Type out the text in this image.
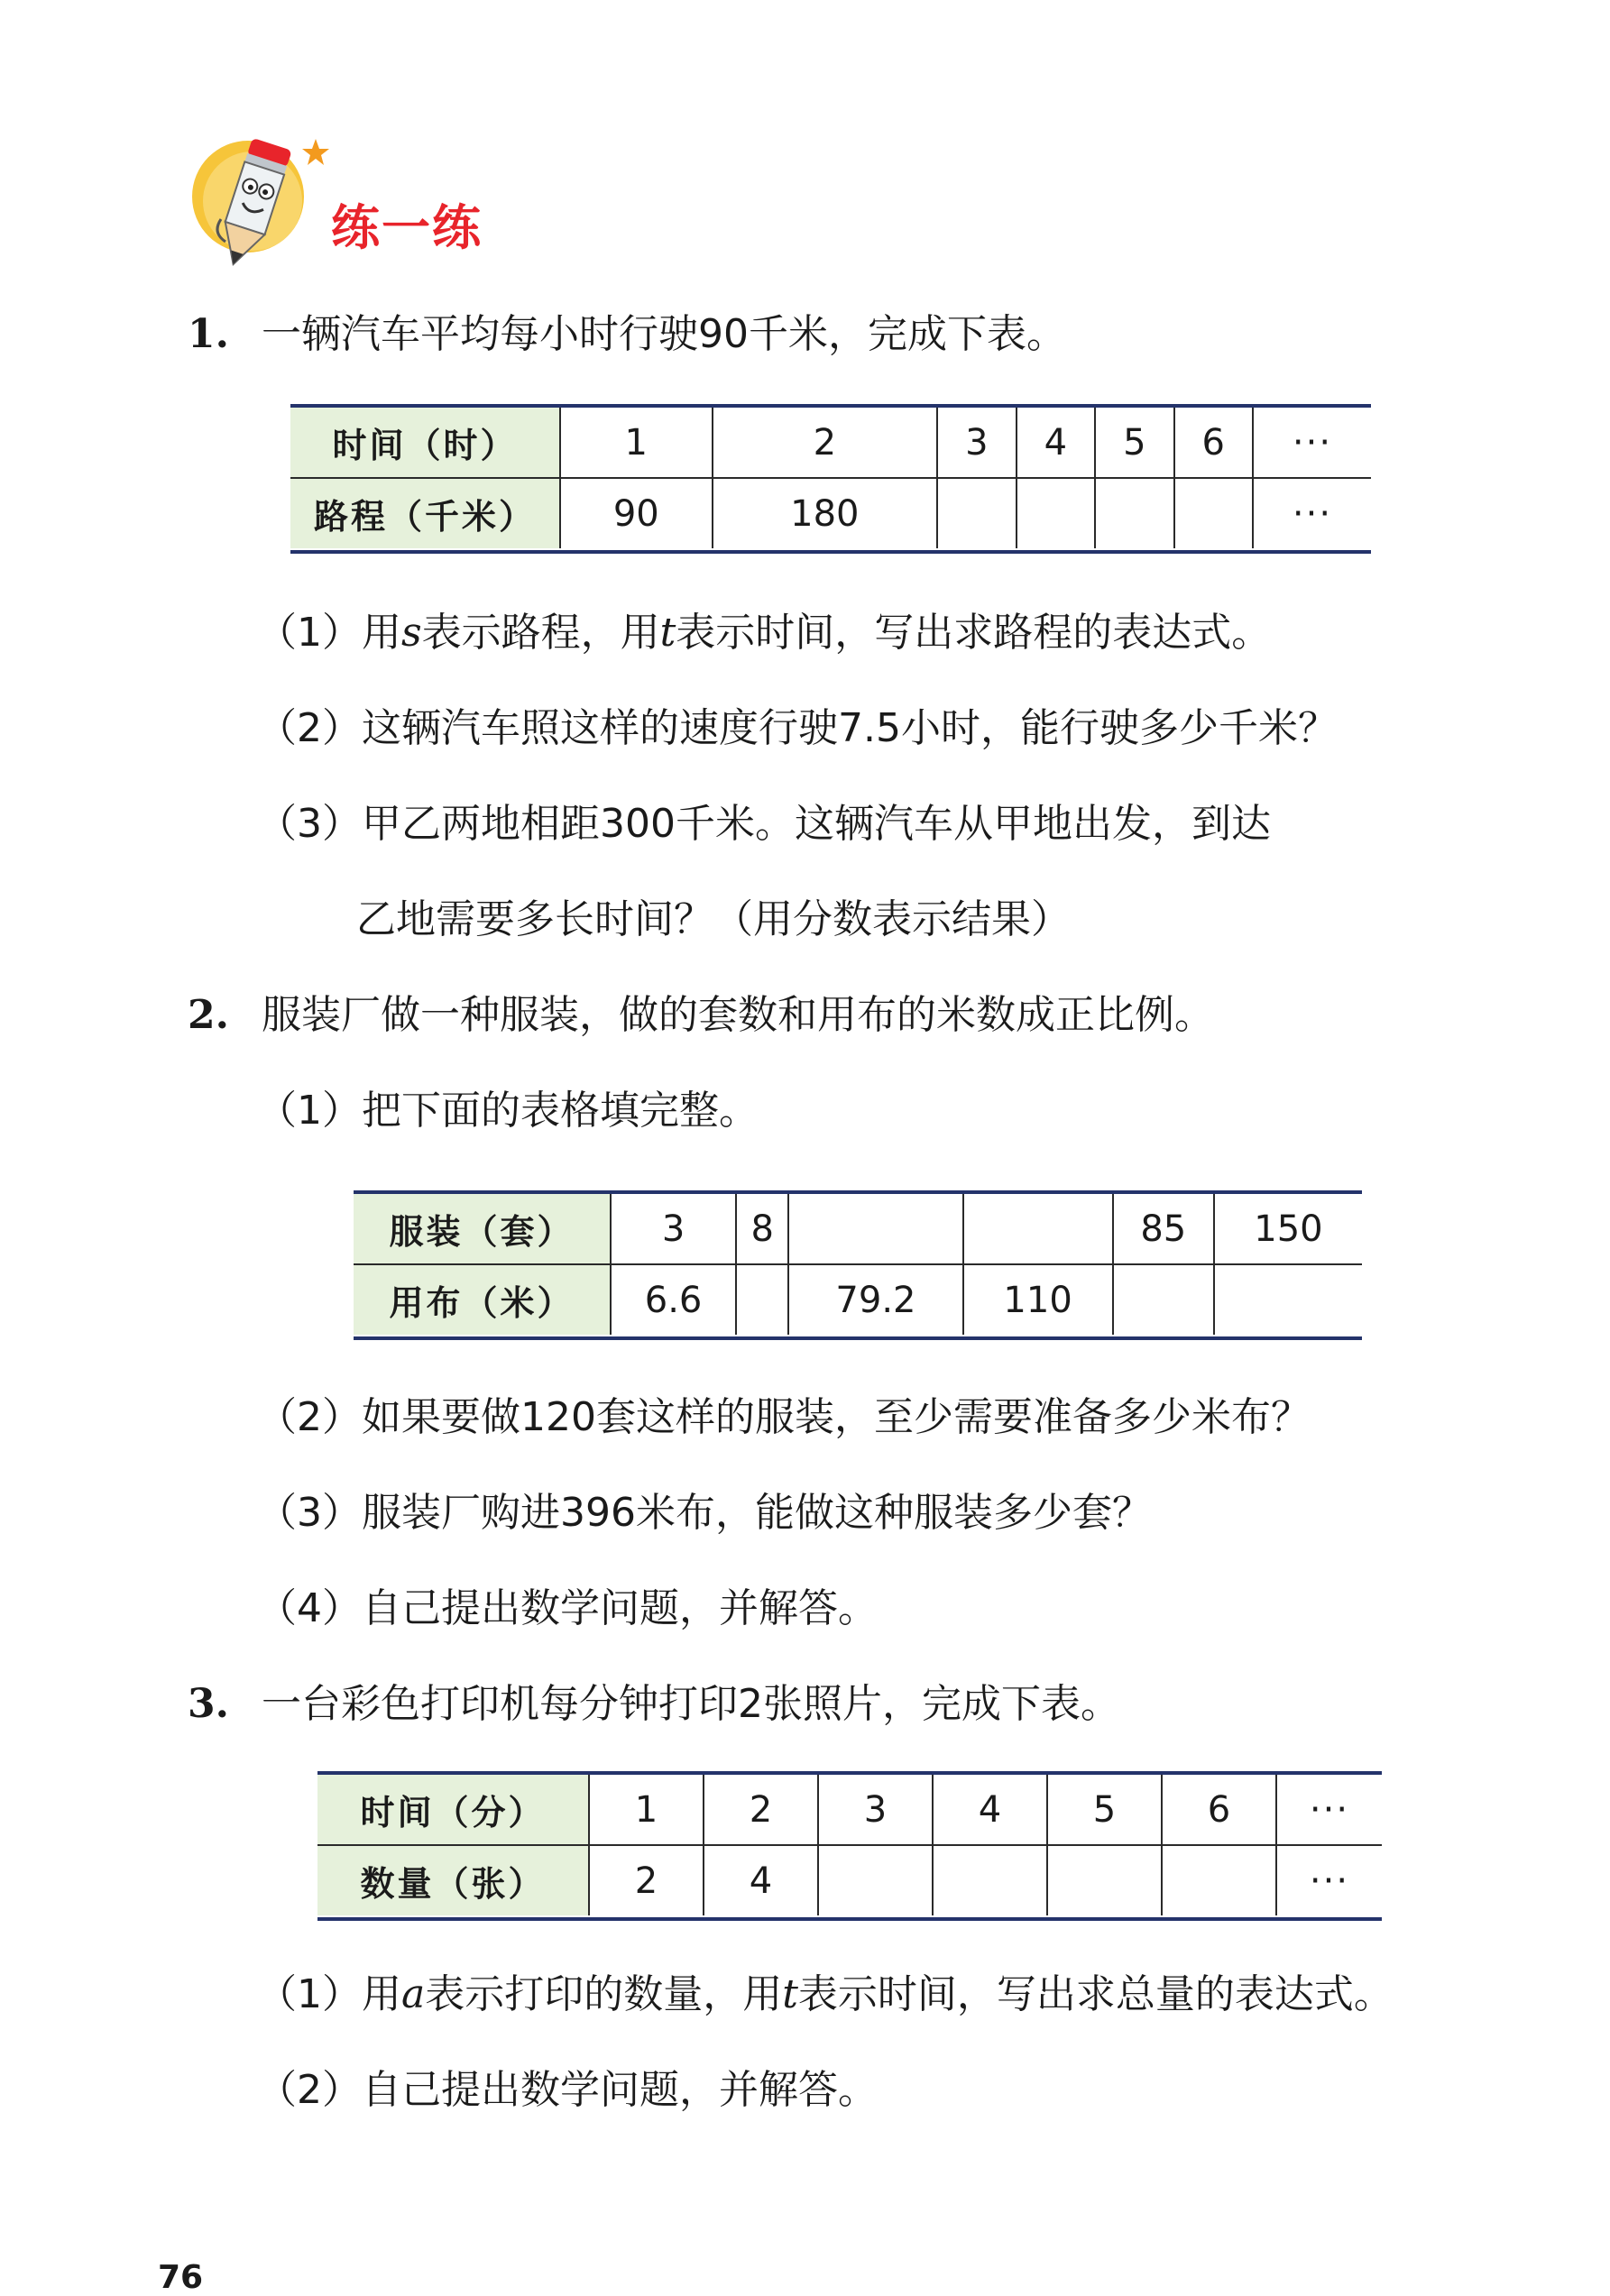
练一练
1. 一辆汽车平均每小时行驶90千米，完成下表。
时间（时）	1	2	3	4	5	6	···
路程（千米）	90	180					···
（1）用s表示路程，用t表示时间，写出求路程的表达式。
（2）这辆汽车照这样的速度行驶7.5小时，能行驶多少千米？
（3）甲乙两地相距300千米。这辆汽车从甲地出发，到达
乙地需要多长时间？（用分数表示结果）
2. 服装厂做一种服装，做的套数和用布的米数成正比例。
（1）把下面的表格填完整。
服装（套）	3	8			85	150
用布（米）	6.6		79.2	110		
（2）如果要做120套这样的服装，至少需要准备多少米布？
（3）服装厂购进396米布，能做这种服装多少套？
（4）自己提出数学问题，并解答。
3. 一台彩色打印机每分钟打印2张照片，完成下表。
时间（分）	1	2	3	4	5	6	···
数量（张）	2	4					···
（1）用a表示打印的数量，用t表示时间，写出求总量的表达式。
（2）自己提出数学问题，并解答。
76
